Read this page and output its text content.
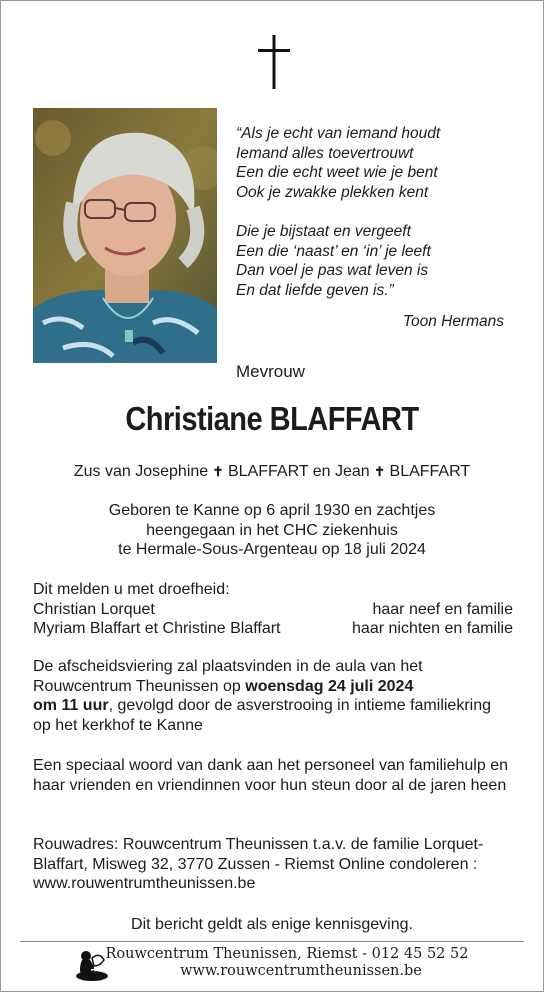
“Als je echt van iemand houdt
Iemand alles toevertrouwt
Een die echt weet wie je bent
Ook je zwakke plekken kent
Die je bijstaat en vergeeft
Een die ‘naast’ en ‘in’ je leeft
Dan voel je pas wat leven is
En dat liefde geven is.”
Toon Hermans
Mevrouw
Christiane BLAFFART
Zus van Josephine ✝ BLAFFART en Jean ✝ BLAFFART
Geboren te Kanne op 6 april 1930 en zachtjes
heengegaan in het CHC ziekenhuis
te Hermale-Sous-Argenteau op 18 juli 2024
Dit melden u met droefheid:
Christian Lorquet	haar neef en familie
Myriam Blaffart et Christine Blaffart	haar nichten en familie
De afscheidsviering zal plaatsvinden in de aula van het Rouwcentrum Theunissen op woensdag 24 juli 2024
om 11 uur, gevolgd door de asverstrooing in intieme familiekring op het kerkhof te Kanne
Een speciaal woord van dank aan het personeel van familiehulp en haar vrienden en vriendinnen voor hun steun door al de jaren heen
Rouwadres: Rouwcentrum Theunissen t.a.v. de familie Lorquet-Blaffart, Misweg 32, 3770 Zussen - Riemst Online condoleren : www.rouwentrumtheunissen.be
Dit bericht geldt als enige kennisgeving.
Rouwcentrum Theunissen, Riemst - 012 45 52 52
www.rouwcentrumtheunissen.be
